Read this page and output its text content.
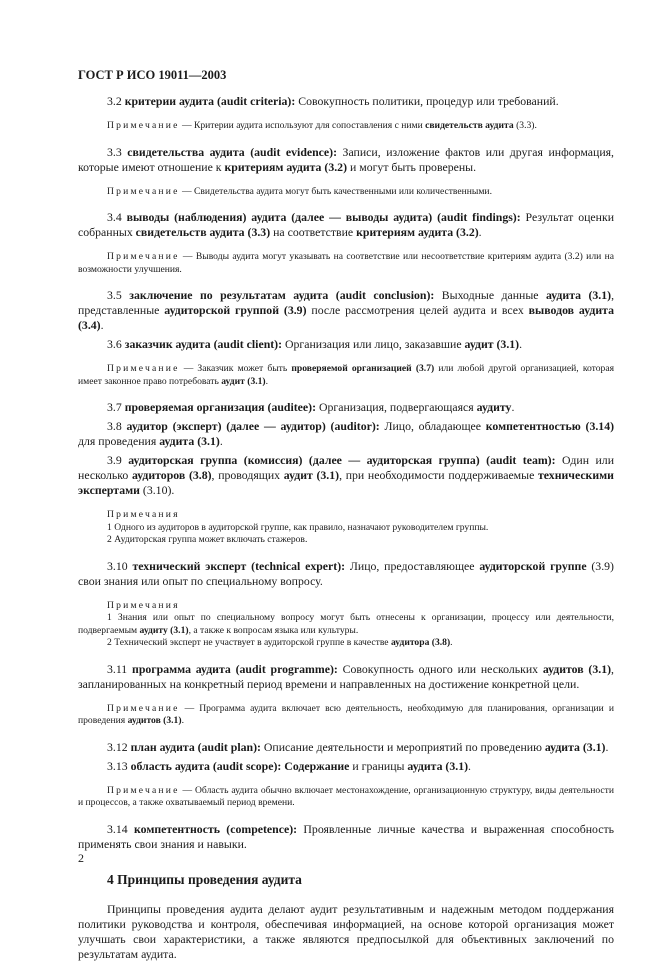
ГОСТ Р ИСО 19011—2003

3.2 критерии аудита (audit criteria): Совокупность политики, процедур или требований.

Примечание — Критерии аудита используют для сопоставления с ними свидетельств аудита (3.3).

3.3 свидетельства аудита (audit evidence): Записи, изложение фактов или другая информация, которые имеют отношение к критериям аудита (3.2) и могут быть проверены.

Примечание — Свидетельства аудита могут быть качественными или количественными.

3.4 выводы (наблюдения) аудита (далее — выводы аудита) (audit findings): Результат оценки собранных свидетельств аудита (3.3) на соответствие критериям аудита (3.2).

Примечание — Выводы аудита могут указывать на соответствие или несоответствие критериям аудита (3.2) или на возможности улучшения.

3.5 заключение по результатам аудита (audit conclusion): Выходные данные аудита (3.1), представленные аудиторской группой (3.9) после рассмотрения целей аудита и всех выводов аудита (3.4).

3.6 заказчик аудита (audit client): Организация или лицо, заказавшие аудит (3.1).

Примечание — Заказчик может быть проверяемой организацией (3.7) или любой другой организацией, которая имеет законное право потребовать аудит (3.1).

3.7 проверяемая организация (auditee): Организация, подвергающаяся аудиту.

3.8 аудитор (эксперт) (далее — аудитор) (auditor): Лицо, обладающее компетентностью (3.14) для проведения аудита (3.1).

3.9 аудиторская группа (комиссия) (далее — аудиторская группа) (audit team): Один или несколько аудиторов (3.8), проводящих аудит (3.1), при необходимости поддерживаемые техническими экспертами (3.10).

Примечания

1 Одного из аудиторов в аудиторской группе, как правило, назначают руководителем группы.

2 Аудиторская группа может включать стажеров.

3.10 технический эксперт (technical expert): Лицо, предоставляющее аудиторской группе (3.9) свои знания или опыт по специальному вопросу.

Примечания

1 Знания или опыт по специальному вопросу могут быть отнесены к организации, процессу или деятельности, подвергаемым аудиту (3.1), а также к вопросам языка или культуры.

2 Технический эксперт не участвует в аудиторской группе в качестве аудитора (3.8).

3.11 программа аудита (audit programme): Совокупность одного или нескольких аудитов (3.1), запланированных на конкретный период времени и направленных на достижение конкретной цели.

Примечание — Программа аудита включает всю деятельность, необходимую для планирования, организации и проведения аудитов (3.1).

3.12 план аудита (audit plan): Описание деятельности и мероприятий по проведению аудита (3.1).

3.13 область аудита (audit scope): Содержание и границы аудита (3.1).

Примечание — Область аудита обычно включает местонахождение, организационную структуру, виды деятельности и процессов, а также охватываемый период времени.

3.14 компетентность (competence): Проявленные личные качества и выраженная способность применять свои знания и навыки.

4 Принципы проведения аудита

Принципы проведения аудита делают аудит результативным и надежным методом поддержания политики руководства и контроля, обеспечивая информацией, на основе которой организация может улучшать свои характеристики, а также являются предпосылкой для объективных заключений по результатам аудита.

2
